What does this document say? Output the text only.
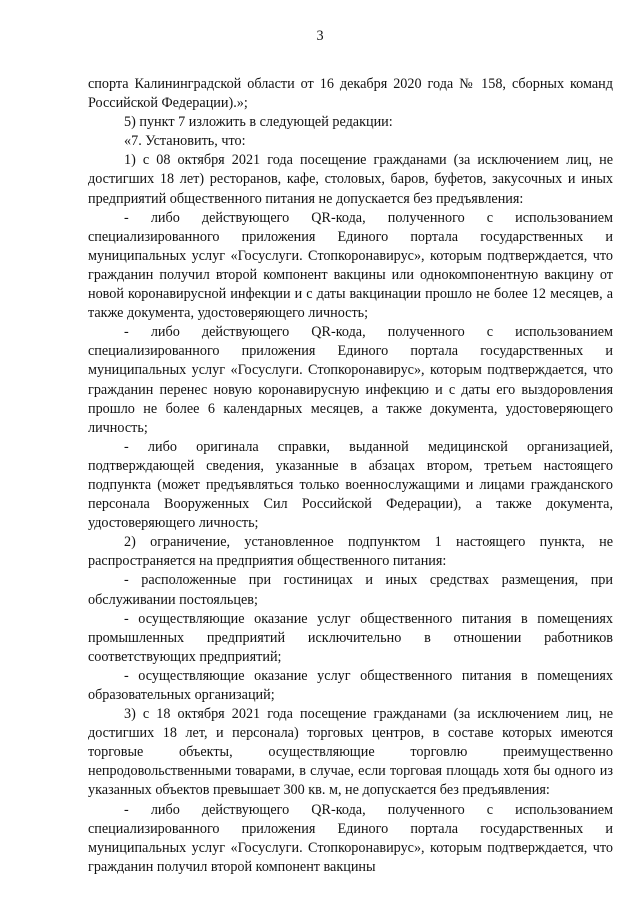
3

спорта Калининградской области от 16 декабря 2020 года № 158, сборных команд Российской Федерации).»;

5) пункт 7 изложить в следующей редакции:

«7. Установить, что:

1) с 08 октября 2021 года посещение гражданами (за исключением лиц, не достигших 18 лет) ресторанов, кафе, столовых, баров, буфетов, закусочных и иных предприятий общественного питания не допускается без предъявления:

- либо действующего QR-кода, полученного с использованием специализированного приложения Единого портала государственных и муниципальных услуг «Госуслуги. Стопкоронавирус», которым подтверждается, что гражданин получил второй компонент вакцины или однокомпонентную вакцину от новой коронавирусной инфекции и с даты вакцинации прошло не более 12 месяцев, а также документа, удостоверяющего личность;

- либо действующего QR-кода, полученного с использованием специализированного приложения Единого портала государственных и муниципальных услуг «Госуслуги. Стопкоронавирус», которым подтверждается, что гражданин перенес новую коронавирусную инфекцию и с даты его выздоровления прошло не более 6 календарных месяцев, а также документа, удостоверяющего личность;

- либо оригинала справки, выданной медицинской организацией, подтверждающей сведения, указанные в абзацах втором, третьем настоящего подпункта (может предъявляться только военнослужащими и лицами гражданского персонала Вооруженных Сил Российской Федерации), а также документа, удостоверяющего личность;

2) ограничение, установленное подпунктом 1 настоящего пункта, не распространяется на предприятия общественного питания:

- расположенные при гостиницах и иных средствах размещения, при обслуживании постояльцев;

- осуществляющие оказание услуг общественного питания в помещениях промышленных предприятий исключительно в отношении работников соответствующих предприятий;

- осуществляющие оказание услуг общественного питания в помещениях образовательных организаций;

3) с 18 октября 2021 года посещение гражданами (за исключением лиц, не достигших 18 лет, и персонала) торговых центров, в составе которых имеются торговые объекты, осуществляющие торговлю преимущественно непродовольственными товарами, в случае, если торговая площадь хотя бы одного из указанных объектов превышает 300 кв. м, не допускается без предъявления:

- либо действующего QR-кода, полученного с использованием специализированного приложения Единого портала государственных и муниципальных услуг «Госуслуги. Стопкоронавирус», которым подтверждается, что гражданин получил второй компонент вакцины
